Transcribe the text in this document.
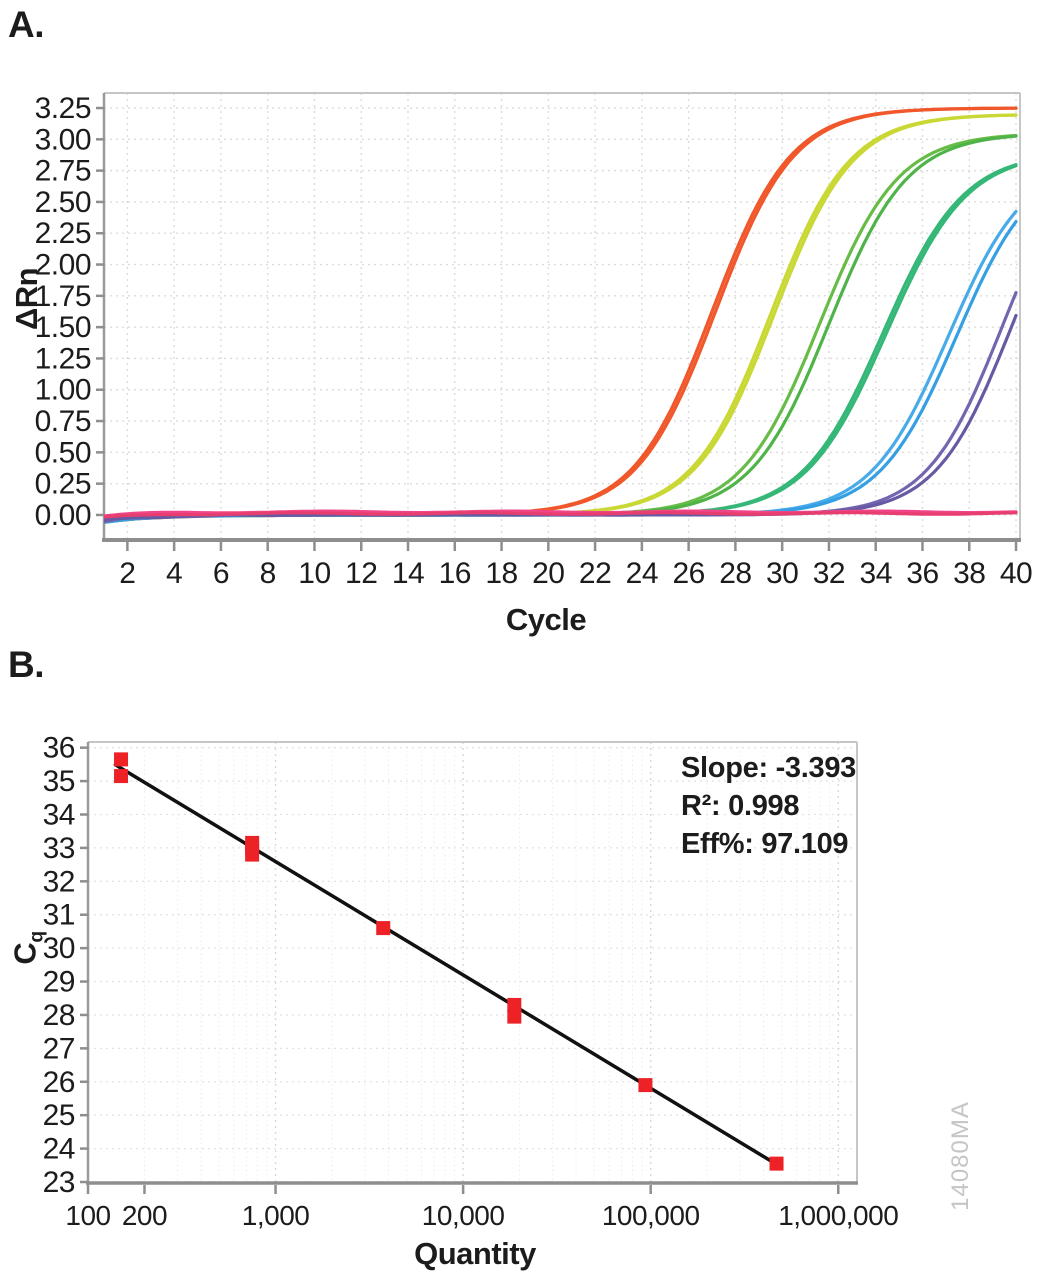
3.25
3.00
2.75
2.50
2.25
2.00
1.75
1.50
1.25
1.00
0.75
0.50
0.25
0.00
2 4 6 8 10 12 14 16 18 20 22 24 26 28 30 32 34 36 38 40
36
35
34
33
32
31
30
29
28
27
26
25
24
23
100 200	1,000	10,000	100,000	1,000,000
A.
ΔRn
Cycle
B.
$C_q$
Quantity
Slope: -3.393
R²: 0.998
Eff%: 97.109
14080MA
